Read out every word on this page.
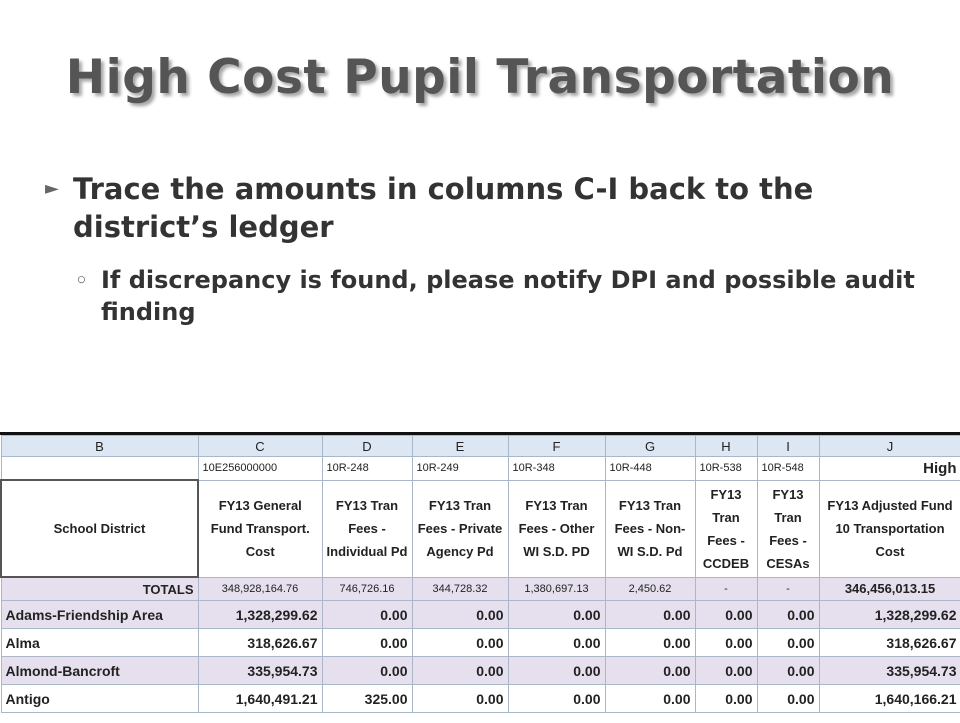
High Cost Pupil Transportation
► Trace the amounts in columns C-I back to the district’s ledger
◦ If discrepancy is found, please notify DPI and possible audit finding
B	C	D	E	F	G	H	I	J
	10E256000000	10R-248	10R-249	10R-348	10R-448	10R-538	10R-548	High
School District	FY13 General Fund Transport. Cost	FY13 Tran Fees - Individual Pd	FY13 Tran Fees - Private Agency Pd	FY13 Tran Fees - Other WI S.D. PD	FY13 Tran Fees - Non-WI S.D. Pd	FY13 Tran Fees - CCDEB	FY13 Tran Fees - CESAs	FY13 Adjusted Fund 10 Transportation Cost
TOTALS	348,928,164.76	746,726.16	344,728.32	1,380,697.13	2,450.62	-	-	346,456,013.15
Adams-Friendship Area	1,328,299.62	0.00	0.00	0.00	0.00	0.00	0.00	1,328,299.62
Alma	318,626.67	0.00	0.00	0.00	0.00	0.00	0.00	318,626.67
Almond-Bancroft	335,954.73	0.00	0.00	0.00	0.00	0.00	0.00	335,954.73
Antigo	1,640,491.21	325.00	0.00	0.00	0.00	0.00	0.00	1,640,166.21
